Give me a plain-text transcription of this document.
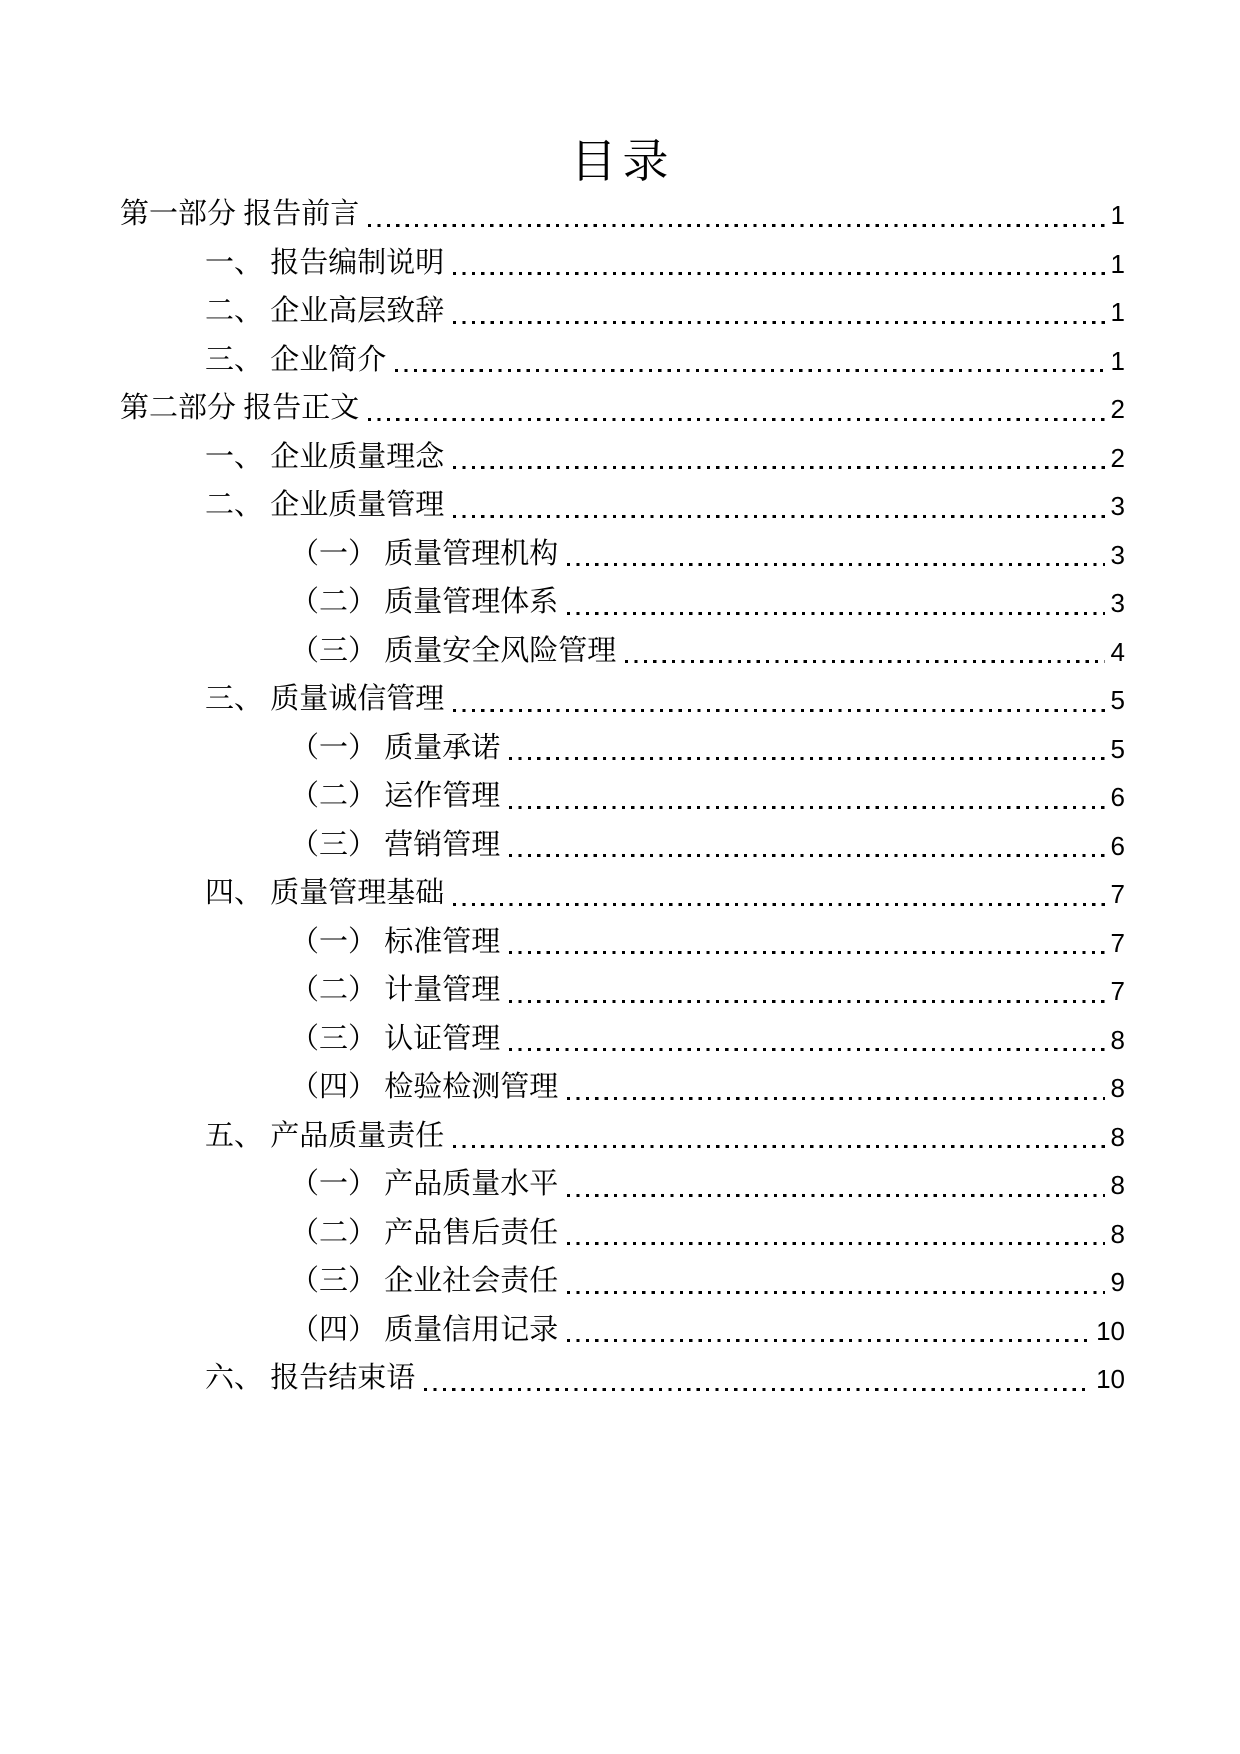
目录
第一部分 报告前言	1
一、 报告编制说明	1
二、 企业高层致辞	1
三、 企业简介	1
第二部分 报告正文	2
一、 企业质量理念	2
二、 企业质量管理	3
（一） 质量管理机构	3
（二） 质量管理体系	3
（三） 质量安全风险管理	4
三、 质量诚信管理	5
（一） 质量承诺	5
（二） 运作管理	6
（三） 营销管理	6
四、 质量管理基础	7
（一） 标准管理	7
（二） 计量管理	7
（三） 认证管理	8
（四） 检验检测管理	8
五、 产品质量责任	8
（一） 产品质量水平	8
（二） 产品售后责任	8
（三） 企业社会责任	9
（四） 质量信用记录	10
六、 报告结束语	10
